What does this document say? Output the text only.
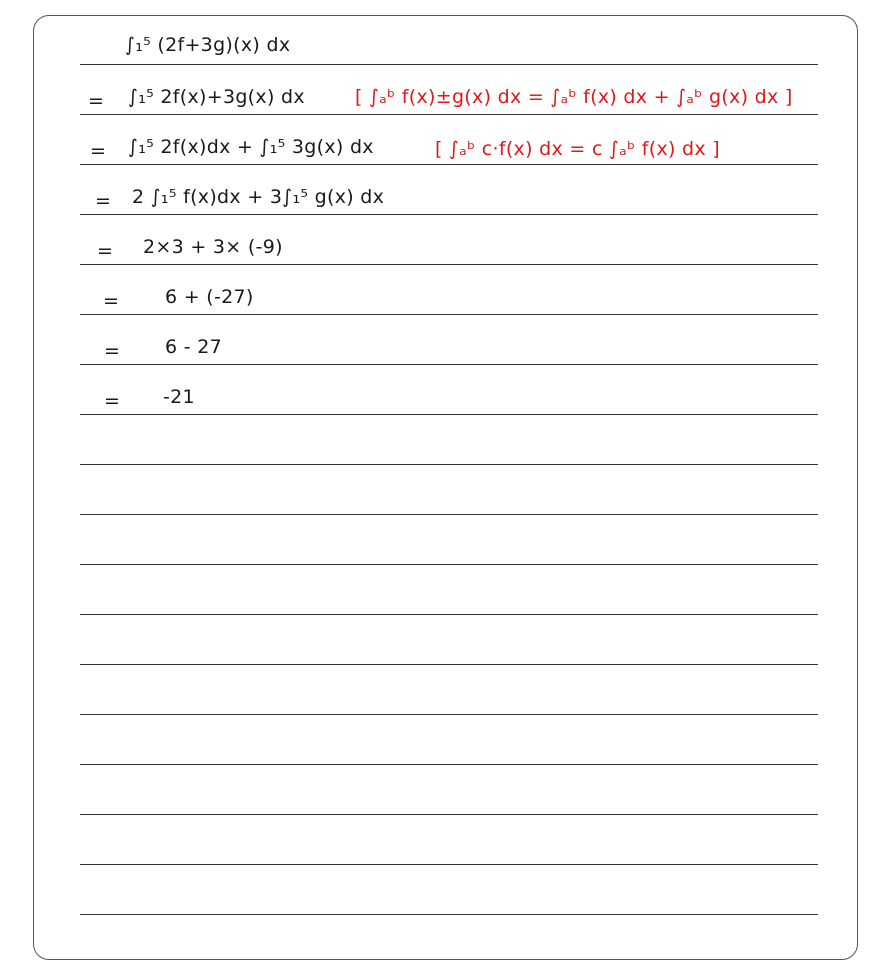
∫₁⁵ (2f+3g)(x) dx
= ∫₁⁵ 2f(x)+3g(x) dx	[ ∫ₐᵇ f(x)±g(x) dx = ∫ₐᵇ f(x) dx + ∫ₐᵇ g(x) dx ]
= ∫₁⁵ 2f(x)dx + ∫₁⁵ 3g(x) dx	[ ∫ₐᵇ c·f(x) dx = c ∫ₐᵇ f(x) dx ]
= 2 ∫₁⁵ f(x)dx + 3∫₁⁵ g(x) dx
= 2×3 + 3× (-9)
= 6 + (-27)
= 6 - 27
= -21
